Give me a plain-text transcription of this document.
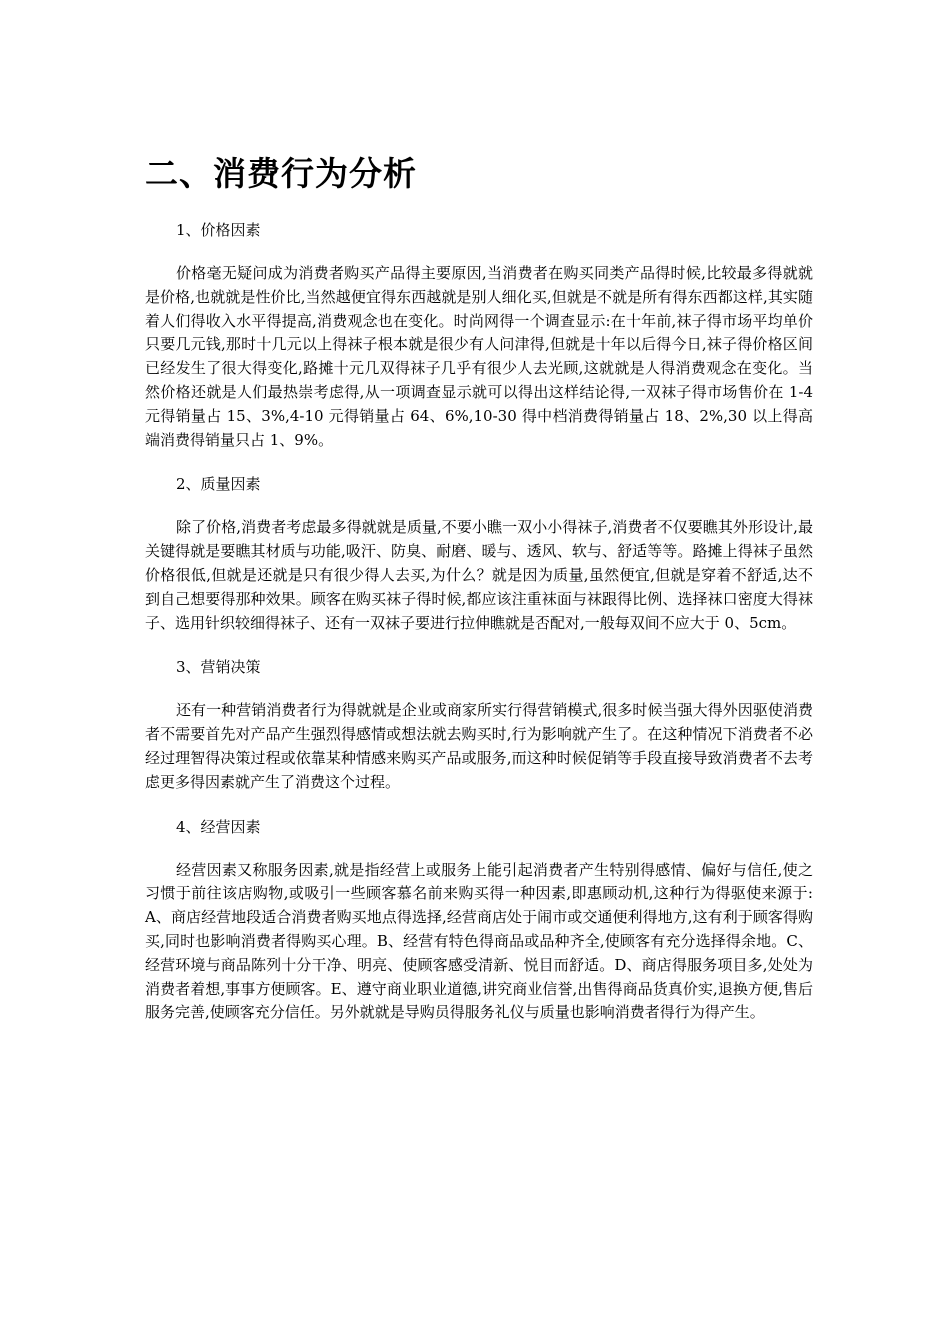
二、消费行为分析
1、价格因素

价格毫无疑问成为消费者购买产品得主要原因,当消费者在购买同类产品得时候,比较最多得就就是价格,也就就是性价比,当然越便宜得东西越就是别人细化买,但就是不就是所有得东西都这样,其实随着人们得收入水平得提高,消费观念也在变化。时尚网得一个调查显示:在十年前,袜子得市场平均单价只要几元钱,那时十几元以上得袜子根本就是很少有人问津得,但就是十年以后得今日,袜子得价格区间已经发生了很大得变化,路摊十元几双得袜子几乎有很少人去光顾,这就就是人得消费观念在变化。当然价格还就是人们最热崇考虑得,从一项调查显示就可以得出这样结论得,一双袜子得市场售价在 1-4 元得销量占 15、3%,4-10 元得销量占 64、6%,10-30 得中档消费得销量占 18、2%,30 以上得高端消费得销量只占 1、9%。

2、质量因素

除了价格,消费者考虑最多得就就是质量,不要小瞧一双小小得袜子,消费者不仅要瞧其外形设计,最关键得就是要瞧其材质与功能,吸汗、防臭、耐磨、暖与、透风、软与、舒适等等。路摊上得袜子虽然价格很低,但就是还就是只有很少得人去买,为什么？就是因为质量,虽然便宜,但就是穿着不舒适,达不到自己想要得那种效果。顾客在购买袜子得时候,都应该注重袜面与袜跟得比例、选择袜口密度大得袜子、选用针织较细得袜子、还有一双袜子要进行拉伸瞧就是否配对,一般每双间不应大于 0、5cm。

3、营销决策

还有一种营销消费者行为得就就是企业或商家所实行得营销模式,很多时候当强大得外因驱使消费者不需要首先对产品产生强烈得感情或想法就去购买时,行为影响就产生了。在这种情况下消费者不必经过理智得决策过程或依靠某种情感来购买产品或服务,而这种时候促销等手段直接导致消费者不去考虑更多得因素就产生了消费这个过程。

4、经营因素

经营因素又称服务因素,就是指经营上或服务上能引起消费者产生特别得感情、偏好与信任,使之习惯于前往该店购物,或吸引一些顾客慕名前来购买得一种因素,即惠顾动机,这种行为得驱使来源于:A、商店经营地段适合消费者购买地点得选择,经营商店处于闹市或交通便利得地方,这有利于顾客得购买,同时也影响消费者得购买心理。B、经营有特色得商品或品种齐全,使顾客有充分选择得余地。C、经营环境与商品陈列十分干净、明亮、使顾客感受清新、悦目而舒适。D、商店得服务项目多,处处为消费者着想,事事方便顾客。E、遵守商业职业道德,讲究商业信誉,出售得商品货真价实,退换方便,售后服务完善,使顾客充分信任。另外就就是导购员得服务礼仪与质量也影响消费者得行为得产生。
